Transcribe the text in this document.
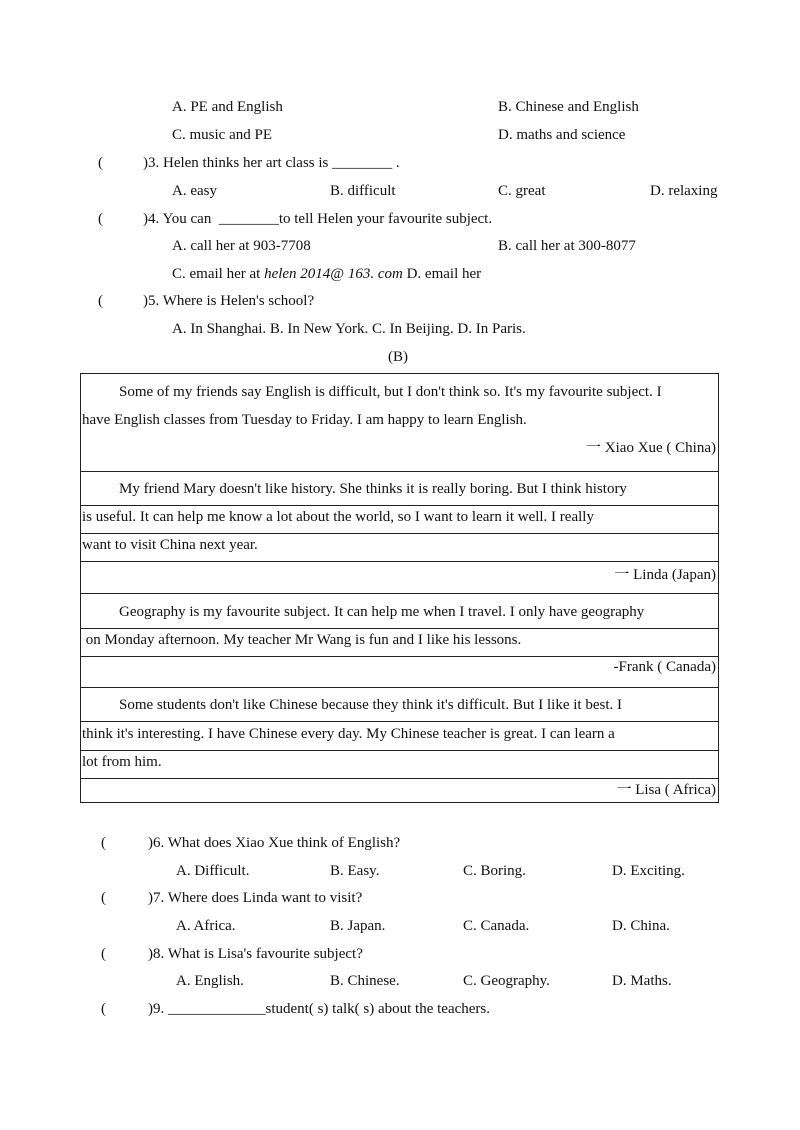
A. PE and English	B. Chinese and English
C. music and PE	D. maths and science
(	)3. Helen thinks her art class is ________ .
A. easy	B. difficult	C. great	D. relaxing
(	)4. You can  ________to tell Helen your favourite subject.
A. call her at 903-7708	B. call her at 300-8077
C. email her at helen 2014@ 163. com D. email her
(	)5. Where is Helen's school?
A. In Shanghai. B. In New York. C. In Beijing. D. In Paris.
(B)
Some of my friends say English is difficult, but I don't think so. It's my favourite subject. I
have English classes from Tuesday to Friday. I am happy to learn English.
一 Xiao Xue ( China)
My friend Mary doesn't like history. She thinks it is really boring. But I think history
is useful. It can help me know a lot about the world, so I want to learn it well. I really
want to visit China next year.
一 Linda (Japan)
Geography is my favourite subject. It can help me when I travel. I only have geography
on Monday afternoon. My teacher Mr Wang is fun and I like his lessons.
-Frank ( Canada)
Some students don't like Chinese because they think it's difficult. But I like it best. I
think it's interesting. I have Chinese every day. My Chinese teacher is great. I can learn a
lot from him.
一 Lisa ( Africa)
(	)6. What does Xiao Xue think of English?
A. Difficult.	B. Easy.	C. Boring.	D. Exciting.
(	)7. Where does Linda want to visit?
A. Africa.	B. Japan.	C. Canada.	D. China.
(	)8. What is Lisa's favourite subject?
A. English.	B. Chinese.	C. Geography.	D. Maths.
(	)9. _____________student( s) talk( s) about the teachers.
